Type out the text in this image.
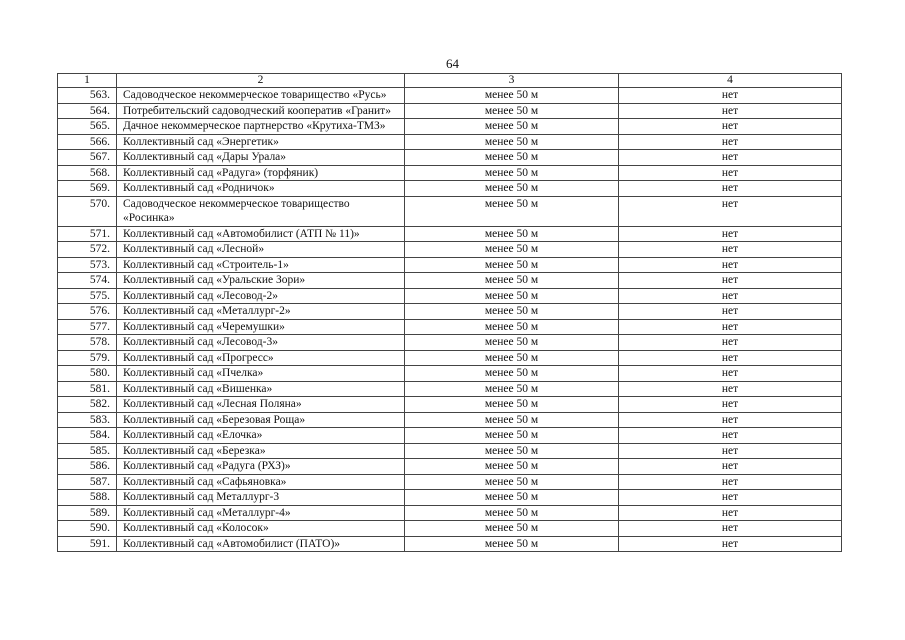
64
1	2	3	4
563.	Садоводческое некоммерческое товарищество «Русь»	менее 50 м	нет
564.	Потребительский садоводческий кооператив «Гранит»	менее 50 м	нет
565.	Дачное некоммерческое партнерство «Крутиха-ТМЗ»	менее 50 м	нет
566.	Коллективный сад «Энергетик»	менее 50 м	нет
567.	Коллективный сад «Дары Урала»	менее 50 м	нет
568.	Коллективный сад «Радуга» (торфяник)	менее 50 м	нет
569.	Коллективный сад «Родничок»	менее 50 м	нет
570.	Садоводческое некоммерческое товарищество «Росинка»	менее 50 м	нет
571.	Коллективный сад «Автомобилист (АТП № 11)»	менее 50 м	нет
572.	Коллективный сад «Лесной»	менее 50 м	нет
573.	Коллективный сад «Строитель-1»	менее 50 м	нет
574.	Коллективный сад «Уральские Зори»	менее 50 м	нет
575.	Коллективный сад «Лесовод-2»	менее 50 м	нет
576.	Коллективный сад «Металлург-2»	менее 50 м	нет
577.	Коллективный сад «Черемушки»	менее 50 м	нет
578.	Коллективный сад «Лесовод-3»	менее 50 м	нет
579.	Коллективный сад «Прогресс»	менее 50 м	нет
580.	Коллективный сад «Пчелка»	менее 50 м	нет
581.	Коллективный сад «Вишенка»	менее 50 м	нет
582.	Коллективный сад «Лесная Поляна»	менее 50 м	нет
583.	Коллективный сад «Березовая Роща»	менее 50 м	нет
584.	Коллективный сад «Елочка»	менее 50 м	нет
585.	Коллективный сад «Березка»	менее 50 м	нет
586.	Коллективный сад «Радуга (РХЗ)»	менее 50 м	нет
587.	Коллективный сад «Сафьяновка»	менее 50 м	нет
588.	Коллективный сад Металлург-3	менее 50 м	нет
589.	Коллективный сад «Металлург-4»	менее 50 м	нет
590.	Коллективный сад «Колосок»	менее 50 м	нет
591.	Коллективный сад «Автомобилист (ПАТО)»	менее 50 м	нет
